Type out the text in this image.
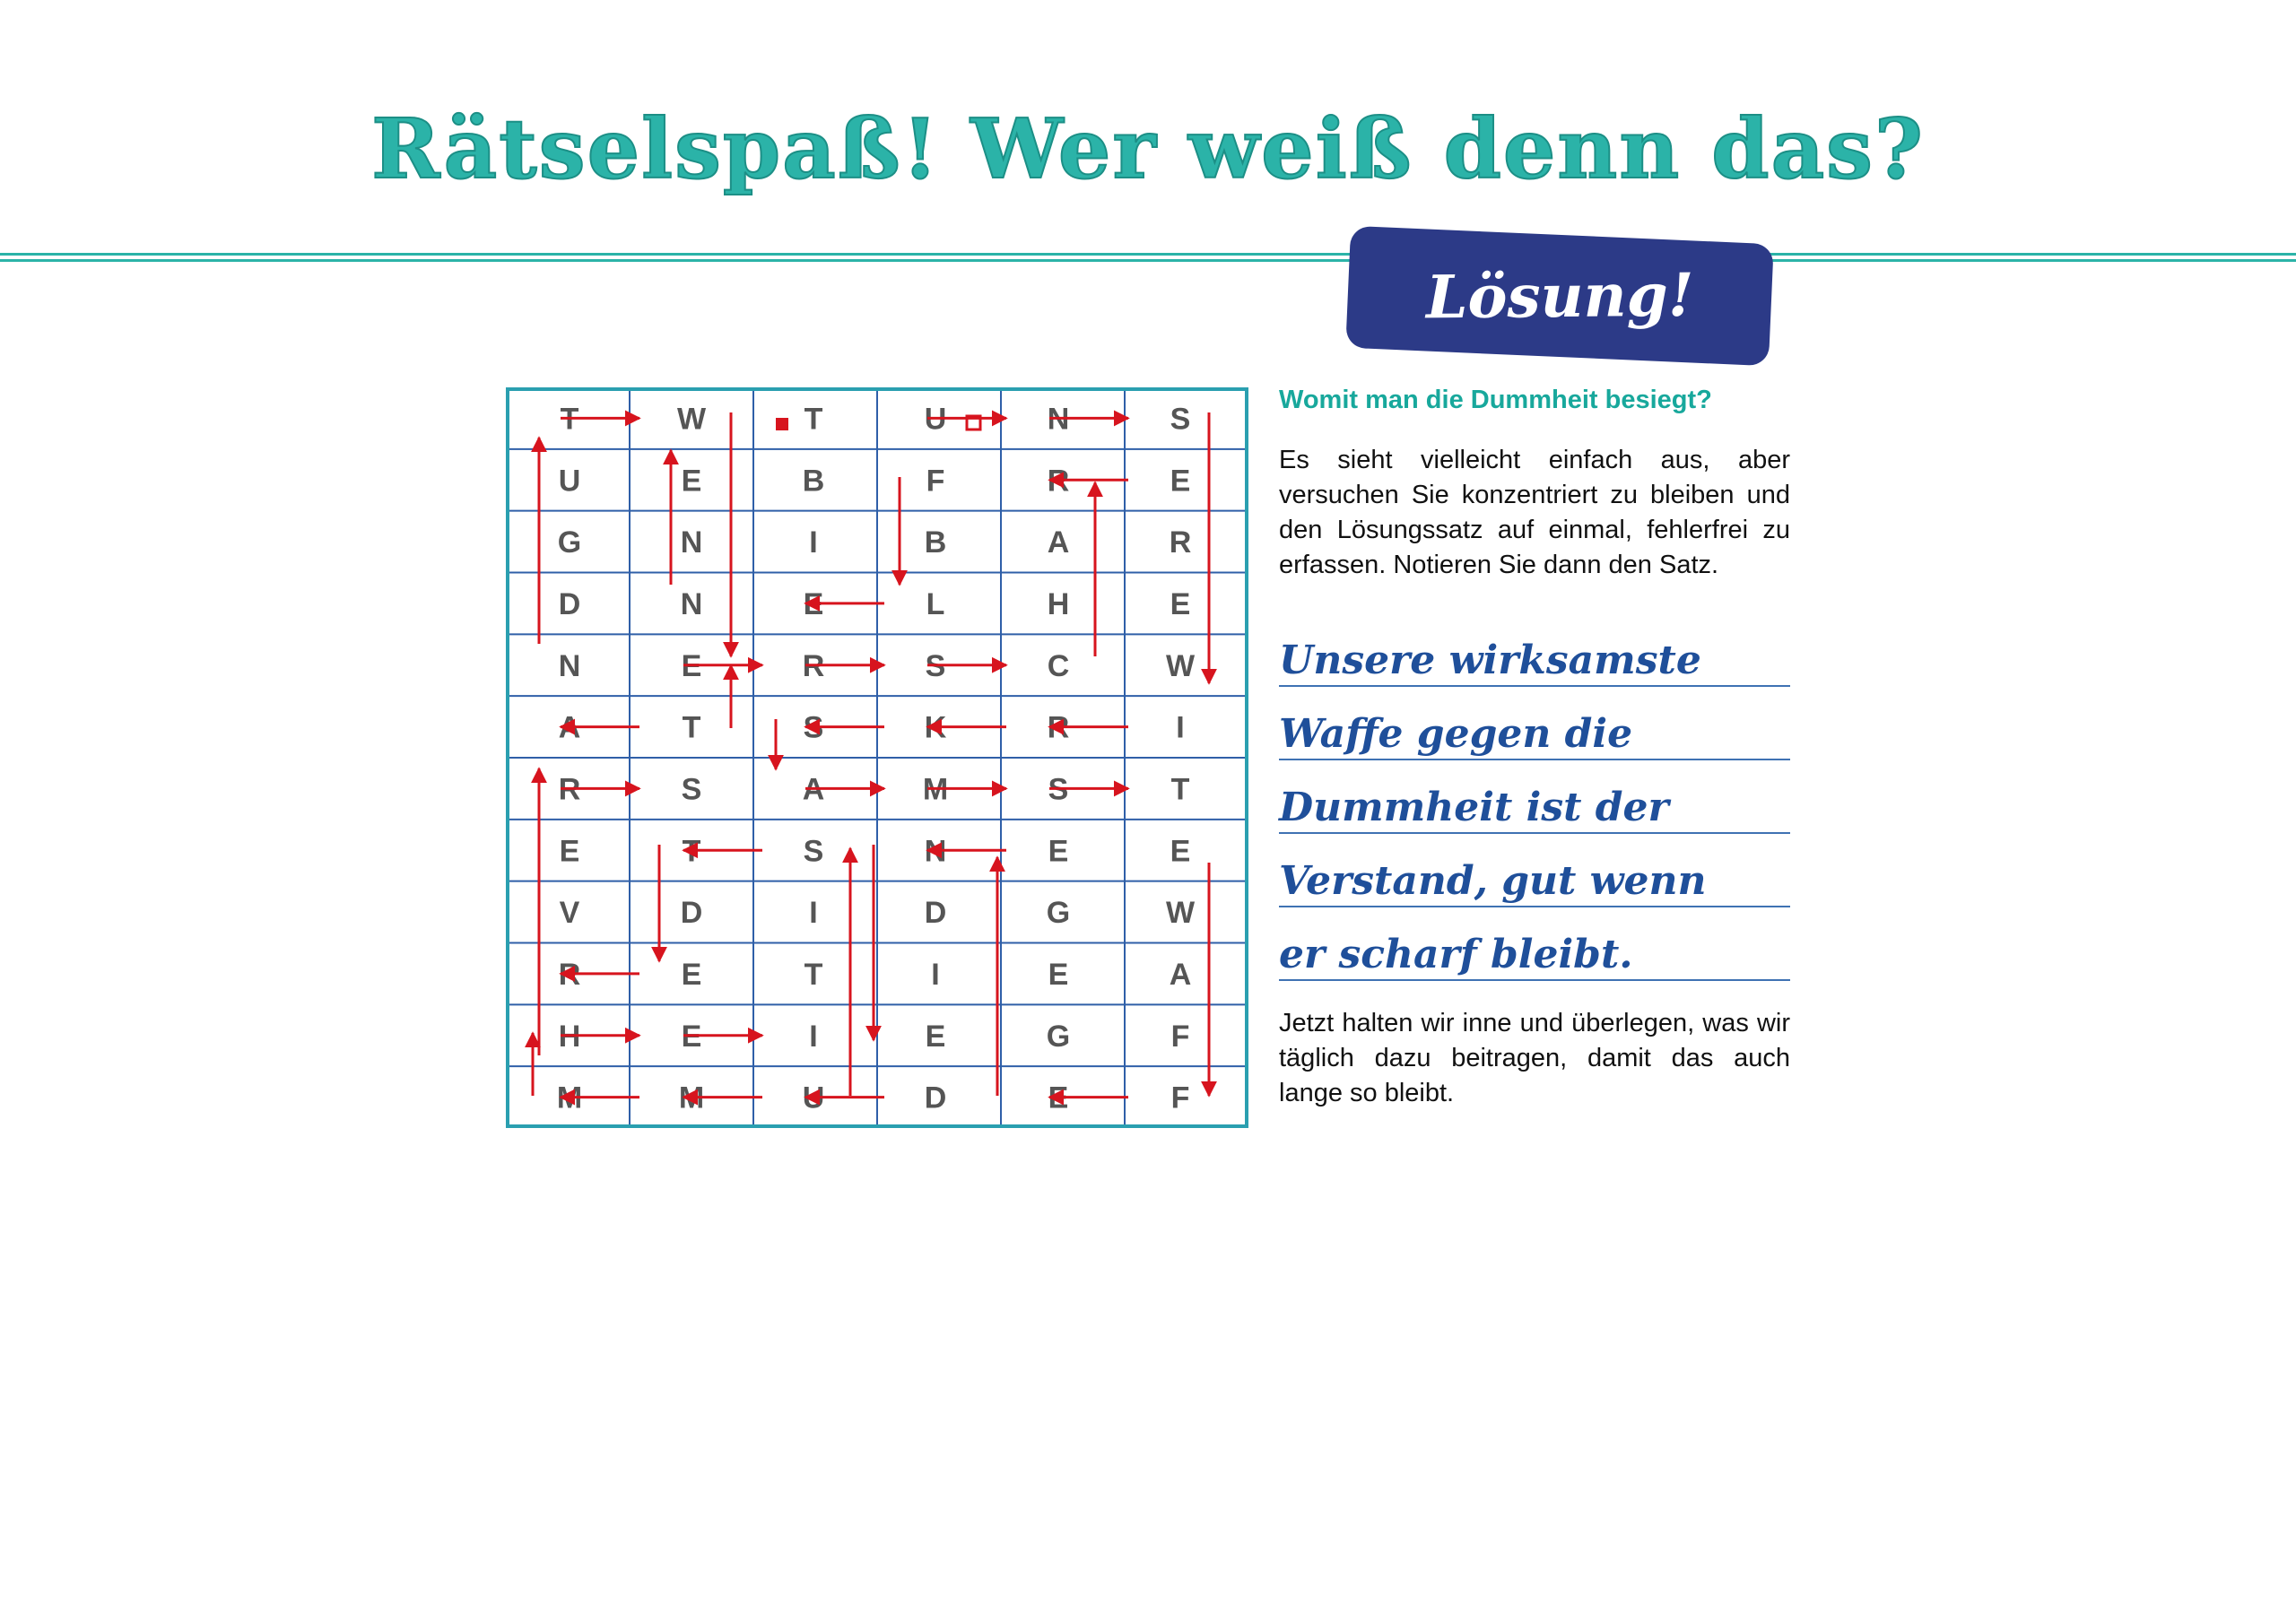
Rätselspaß! Wer weiß denn das?
Lösung!
T	W	T	U	N	S
U	E	B	F	R	E
G	N	I	B	A	R
D	N	E	L	H	E
N	E	R	S	C	W
A	T	S	K	R	I
R	S	A	M	S	T
E	T	S	N	E	E
V	D	I	D	G	W
R	E	T	I	E	A
H	E	I	E	G	F
M	M	U	D	E	F
Womit man die Dummheit besiegt?
Es sieht vielleicht einfach aus, aber versuchen Sie konzentriert zu bleiben und den Lösungssatz auf einmal, fehlerfrei zu erfassen. Notieren Sie dann den Satz.
Unsere wirksamste
Waffe gegen die
Dummheit ist der
Verstand, gut wenn
er scharf bleibt.
Jetzt halten wir inne und überlegen, was wir täglich dazu beitragen, damit das auch lange so bleibt.
